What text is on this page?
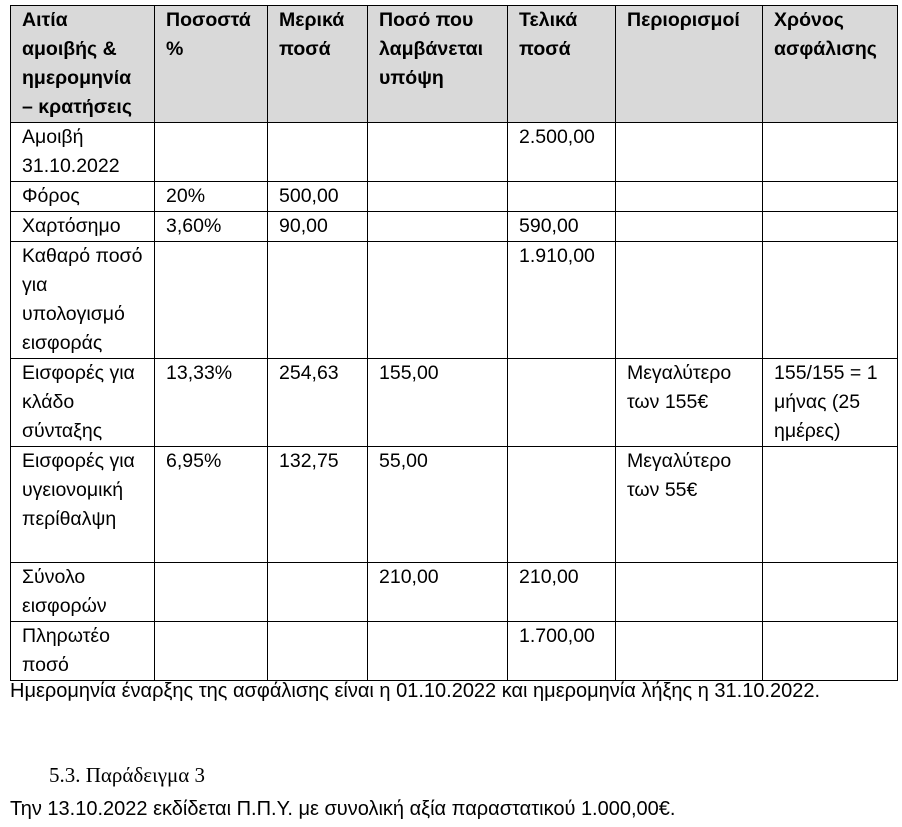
Αιτία αμοιβής & ημερομηνία – κρατήσεις	Ποσοστά %	Μερικά ποσά	Ποσό που λαμβάνεται υπόψη	Τελικά ποσά	Περιορισμοί	Χρόνος ασφάλισης
Αμοιβή 31.10.2022				2.500,00		
Φόρος	20%	500,00				
Χαρτόσημο	3,60%	90,00		590,00		
Καθαρό ποσό για υπολογισμό εισφοράς				1.910,00		
Εισφορές για κλάδο σύνταξης	13,33%	254,63	155,00		Μεγαλύτερο των 155€	155/155 = 1 μήνας (25 ημέρες)
Εισφορές για υγειονομική περίθαλψη	6,95%	132,75	55,00		Μεγαλύτερο των 55€	
Σύνολο εισφορών			210,00	210,00		
Πληρωτέο ποσό				1.700,00		

Ημερομηνία έναρξης της ασφάλισης είναι η 01.10.2022 και ημερομηνία λήξης η 31.10.2022.

5.3. Παράδειγμα 3

Την 13.10.2022 εκδίδεται Π.Π.Υ. με συνολική αξία παραστατικού 1.000,00€.
